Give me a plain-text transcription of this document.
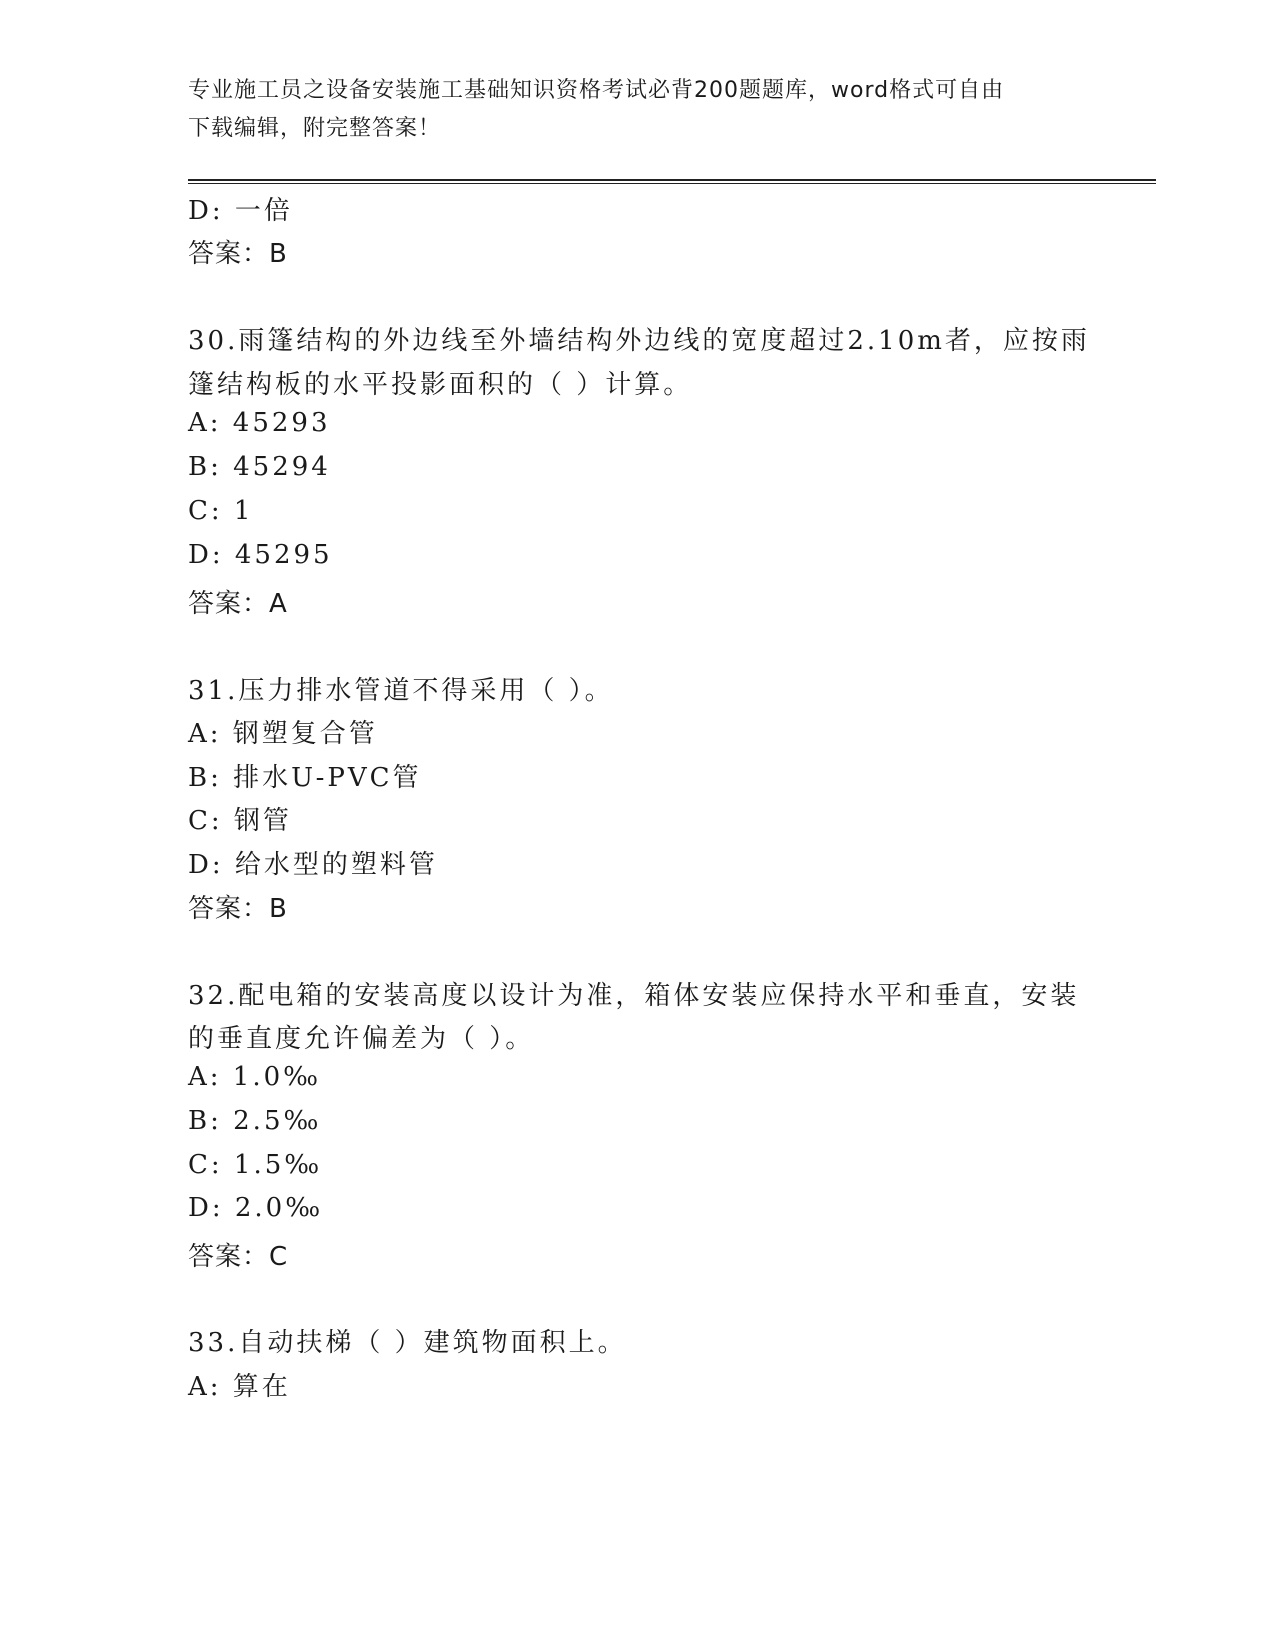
专业施工员之设备安装施工基础知识资格考试必背200题题库，word格式可自由
下载编辑，附完整答案！
D: 一倍
答案：B
30.雨篷结构的外边线至外墙结构外边线的宽度超过2.10m者，应按雨
篷结构板的水平投影面积的（ ）计算。
A: 45293
B: 45294
C: 1
D: 45295
答案：A
31.压力排水管道不得采用（ ）。
A: 钢塑复合管
B: 排水U-PVC管
C: 钢管
D: 给水型的塑料管
答案：B
32.配电箱的安装高度以设计为准，箱体安装应保持水平和垂直，安装
的垂直度允许偏差为（ ）。
A: 1.0‰
B: 2.5‰
C: 1.5‰
D: 2.0‰
答案：C
33.自动扶梯（ ）建筑物面积上。
A: 算在
